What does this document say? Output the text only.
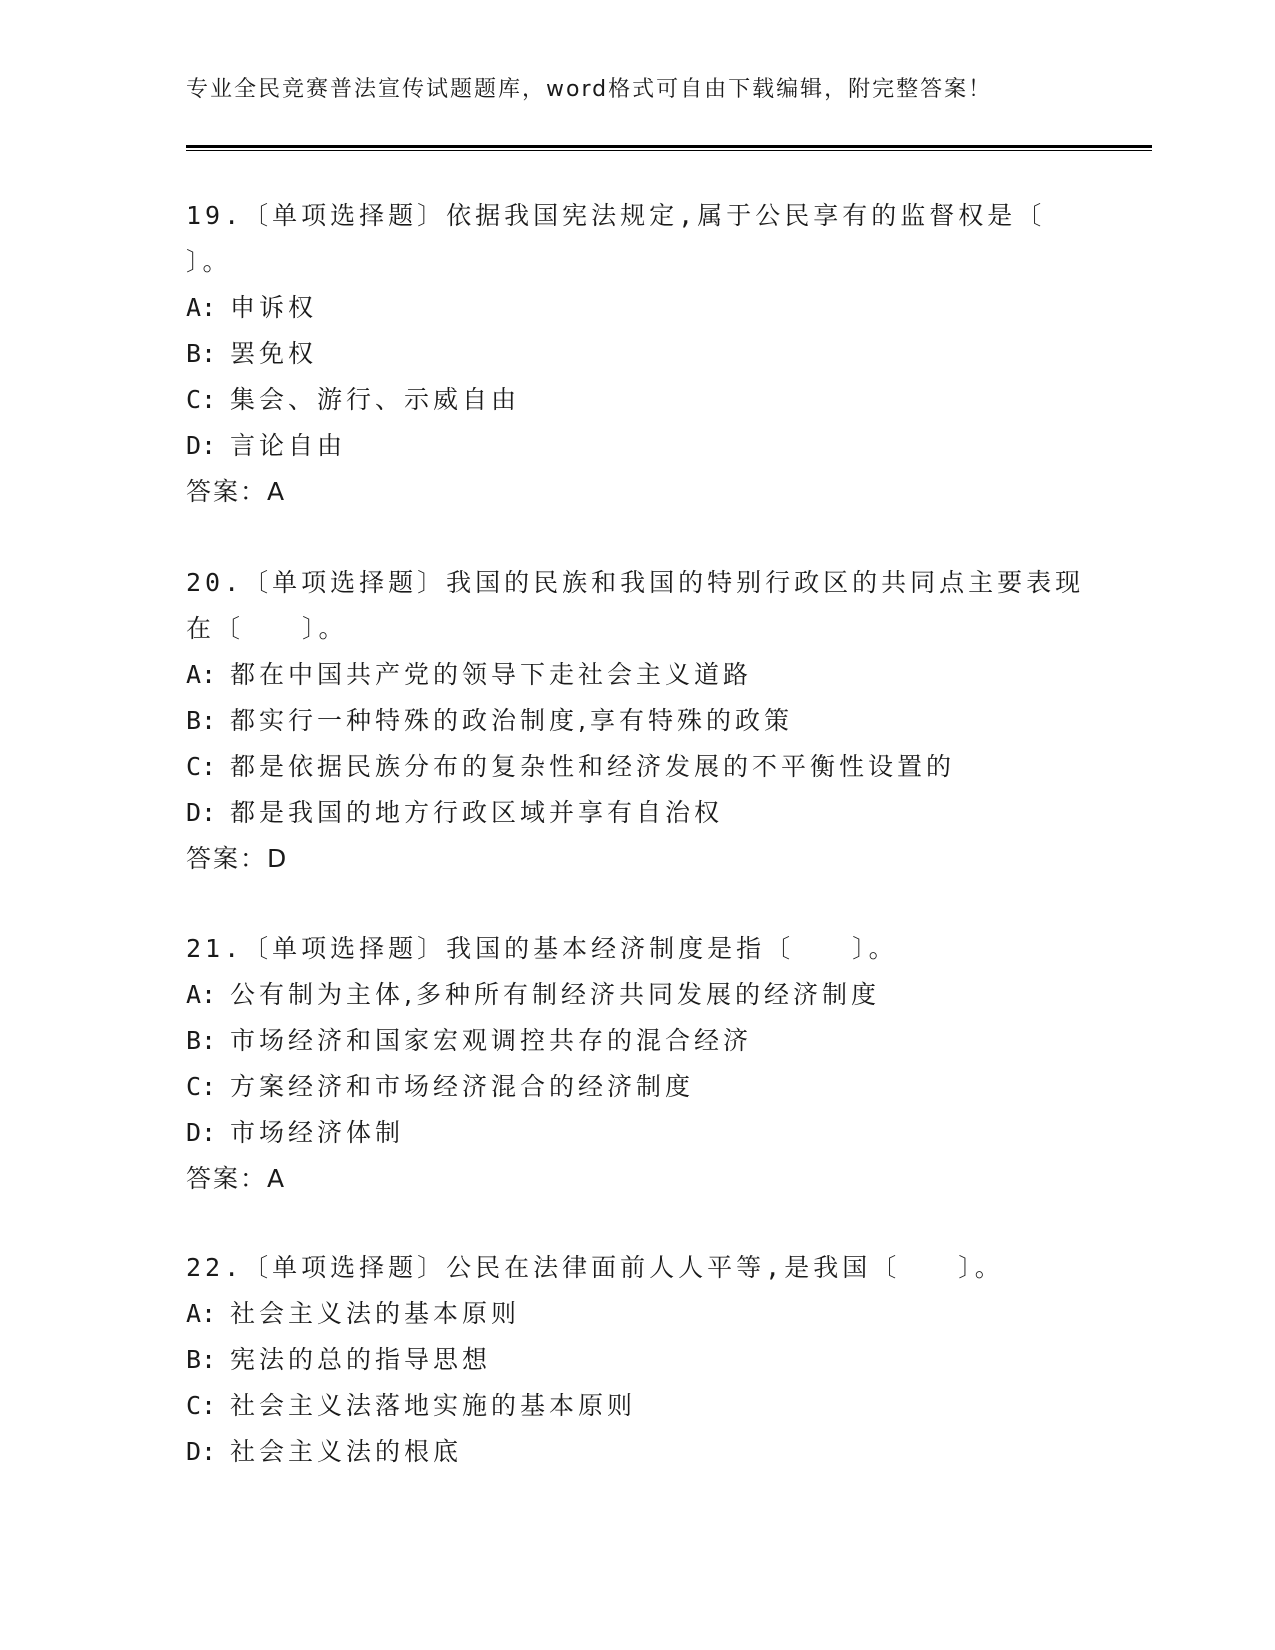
专业全民竞赛普法宣传试题题库，word格式可自由下载编辑，附完整答案！

19.〔单项选择题〕依据我国宪法规定,属于公民享有的监督权是〔 〕。

A: 申诉权
B: 罢免权
C: 集会、游行、示威自由
D: 言论自由
答案：A

20.〔单项选择题〕我国的民族和我国的特别行政区的共同点主要表现在〔　　〕。

A: 都在中国共产党的领导下走社会主义道路
B: 都实行一种特殊的政治制度,享有特殊的政策
C: 都是依据民族分布的复杂性和经济发展的不平衡性设置的
D: 都是我国的地方行政区域并享有自治权
答案：D

21.〔单项选择题〕我国的基本经济制度是指〔　　〕。

A: 公有制为主体,多种所有制经济共同发展的经济制度
B: 市场经济和国家宏观调控共存的混合经济
C: 方案经济和市场经济混合的经济制度
D: 市场经济体制
答案：A

22.〔单项选择题〕公民在法律面前人人平等,是我国〔　　〕。

A: 社会主义法的基本原则
B: 宪法的总的指导思想
C: 社会主义法落地实施的基本原则
D: 社会主义法的根底
